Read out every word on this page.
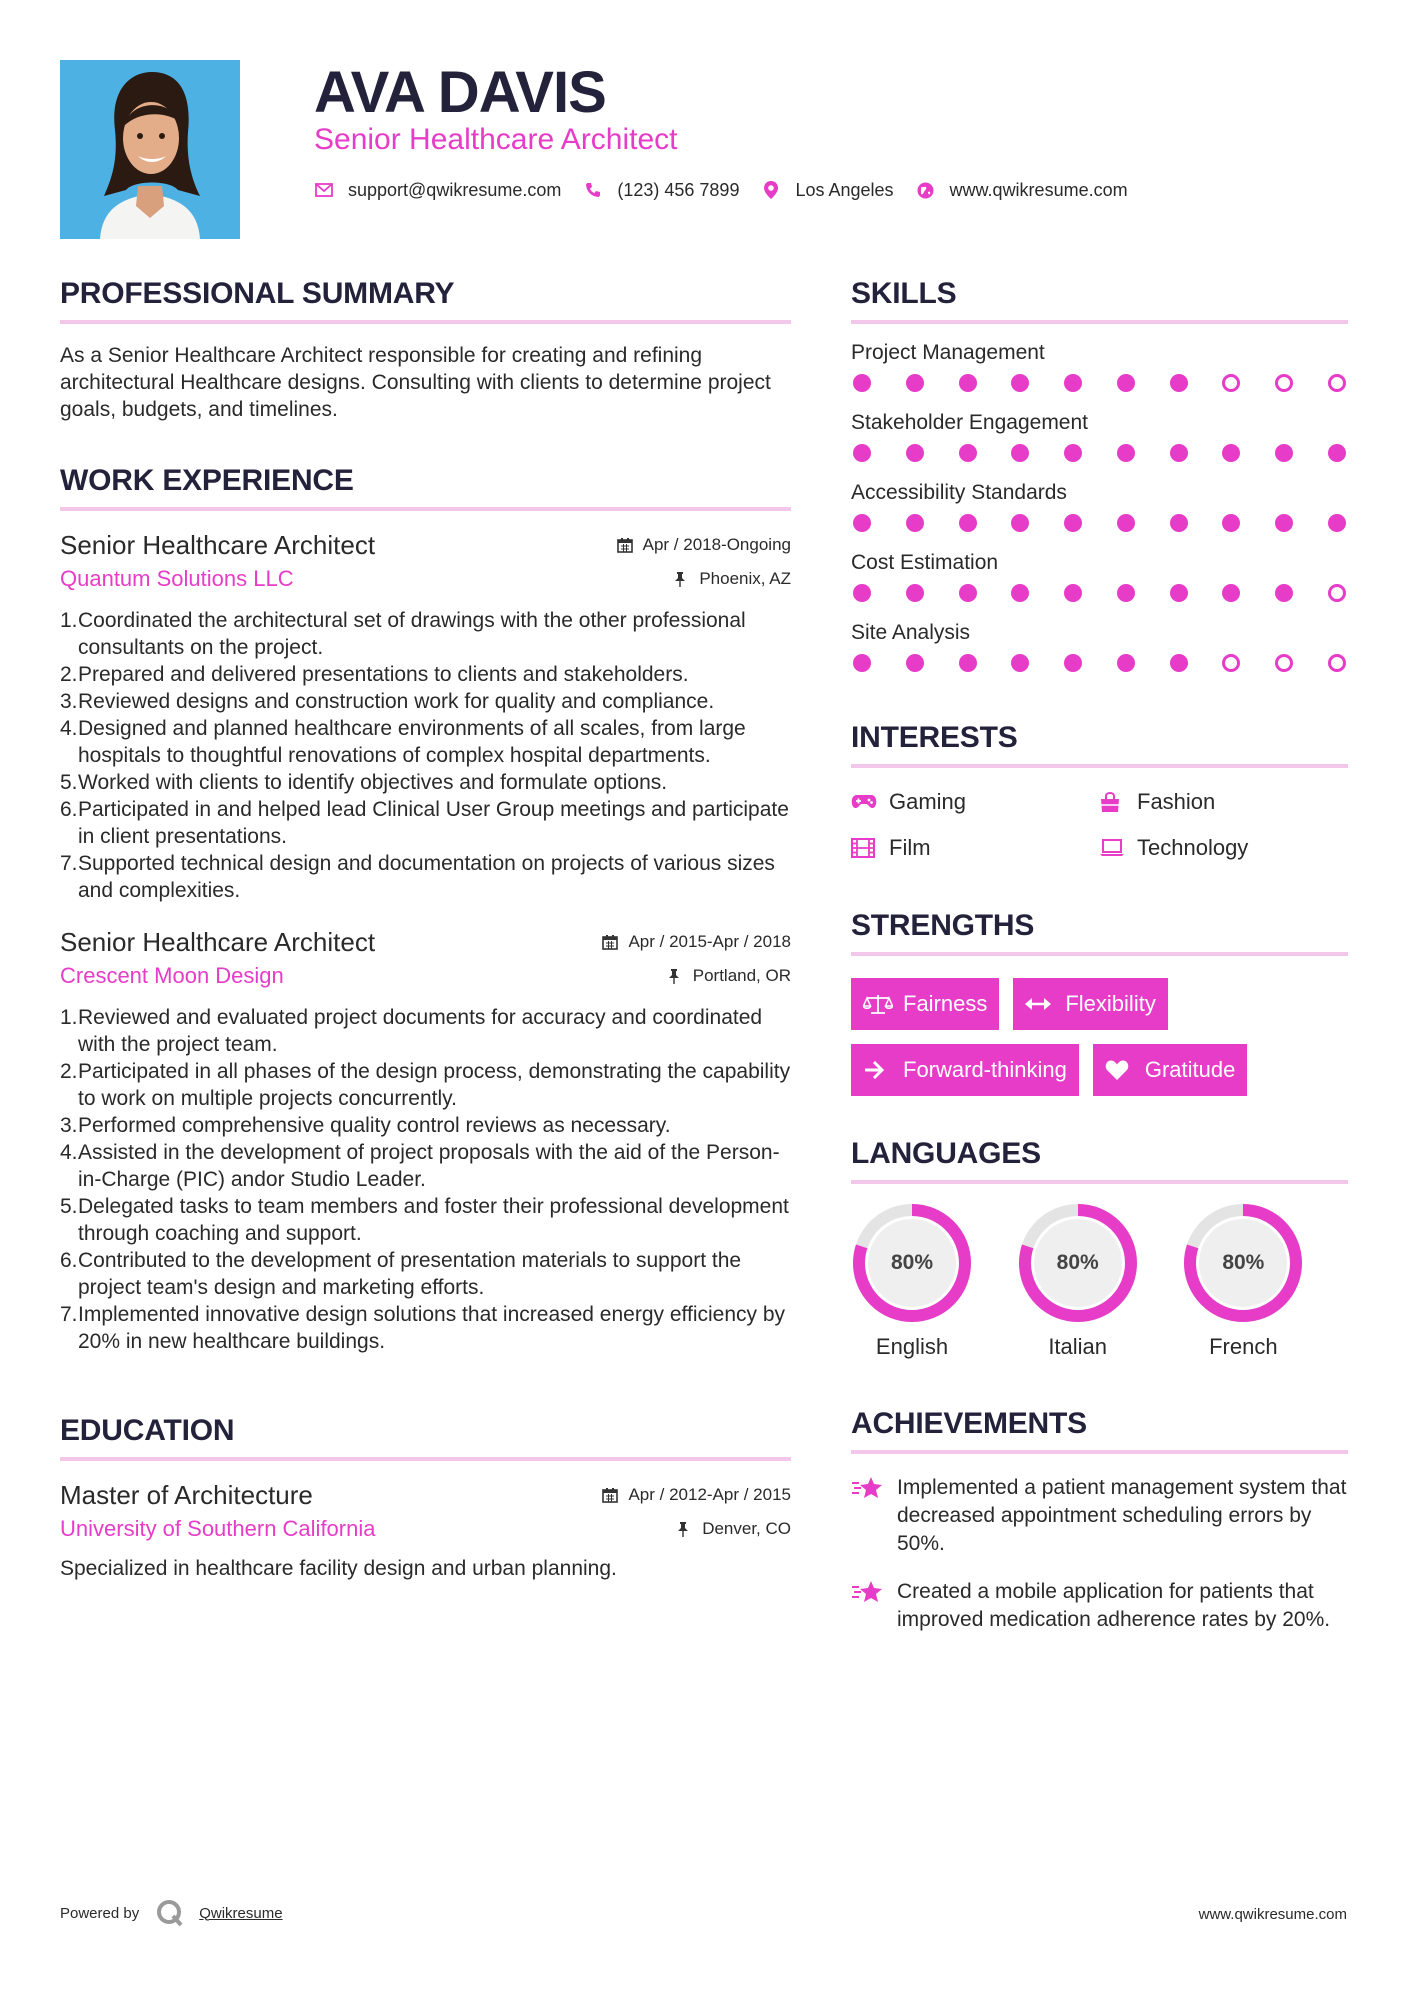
AVA DAVIS
Senior Healthcare Architect
support@qwikresume.com	(123) 456 7899	Los Angeles	www.qwikresume.com
PROFESSIONAL SUMMARY
As a Senior Healthcare Architect responsible for creating and refining architectural Healthcare designs. Consulting with clients to determine project goals, budgets, and timelines.
WORK EXPERIENCE
Senior Healthcare Architect	Apr / 2018-Ongoing
Quantum Solutions LLC	Phoenix, AZ
1. Coordinated the architectural set of drawings with the other professional consultants on the project.
2. Prepared and delivered presentations to clients and stakeholders.
3. Reviewed designs and construction work for quality and compliance.
4. Designed and planned healthcare environments of all scales, from large hospitals to thoughtful renovations of complex hospital departments.
5. Worked with clients to identify objectives and formulate options.
6. Participated in and helped lead Clinical User Group meetings and participate in client presentations.
7. Supported technical design and documentation on projects of various sizes and complexities.
Senior Healthcare Architect	Apr / 2015-Apr / 2018
Crescent Moon Design	Portland, OR
1. Reviewed and evaluated project documents for accuracy and coordinated with the project team.
2. Participated in all phases of the design process, demonstrating the capability to work on multiple projects concurrently.
3. Performed comprehensive quality control reviews as necessary.
4. Assisted in the development of project proposals with the aid of the Person-in-Charge (PIC) andor Studio Leader.
5. Delegated tasks to team members and foster their professional development through coaching and support.
6. Contributed to the development of presentation materials to support the project team's design and marketing efforts.
7. Implemented innovative design solutions that increased energy efficiency by 20% in new healthcare buildings.
EDUCATION
Master of Architecture	Apr / 2012-Apr / 2015
University of Southern California	Denver, CO
Specialized in healthcare facility design and urban planning.
SKILLS
Project Management
Stakeholder Engagement
Accessibility Standards
Cost Estimation
Site Analysis
INTERESTS
Gaming	Fashion
Film	Technology
STRENGTHS
Fairness	Flexibility
Forward-thinking	Gratitude
LANGUAGES
80%
English
80%
Italian
80%
French
ACHIEVEMENTS
Implemented a patient management system that decreased appointment scheduling errors by 50%.
Created a mobile application for patients that improved medication adherence rates by 20%.
Powered by	Qwikresume	www.qwikresume.com
